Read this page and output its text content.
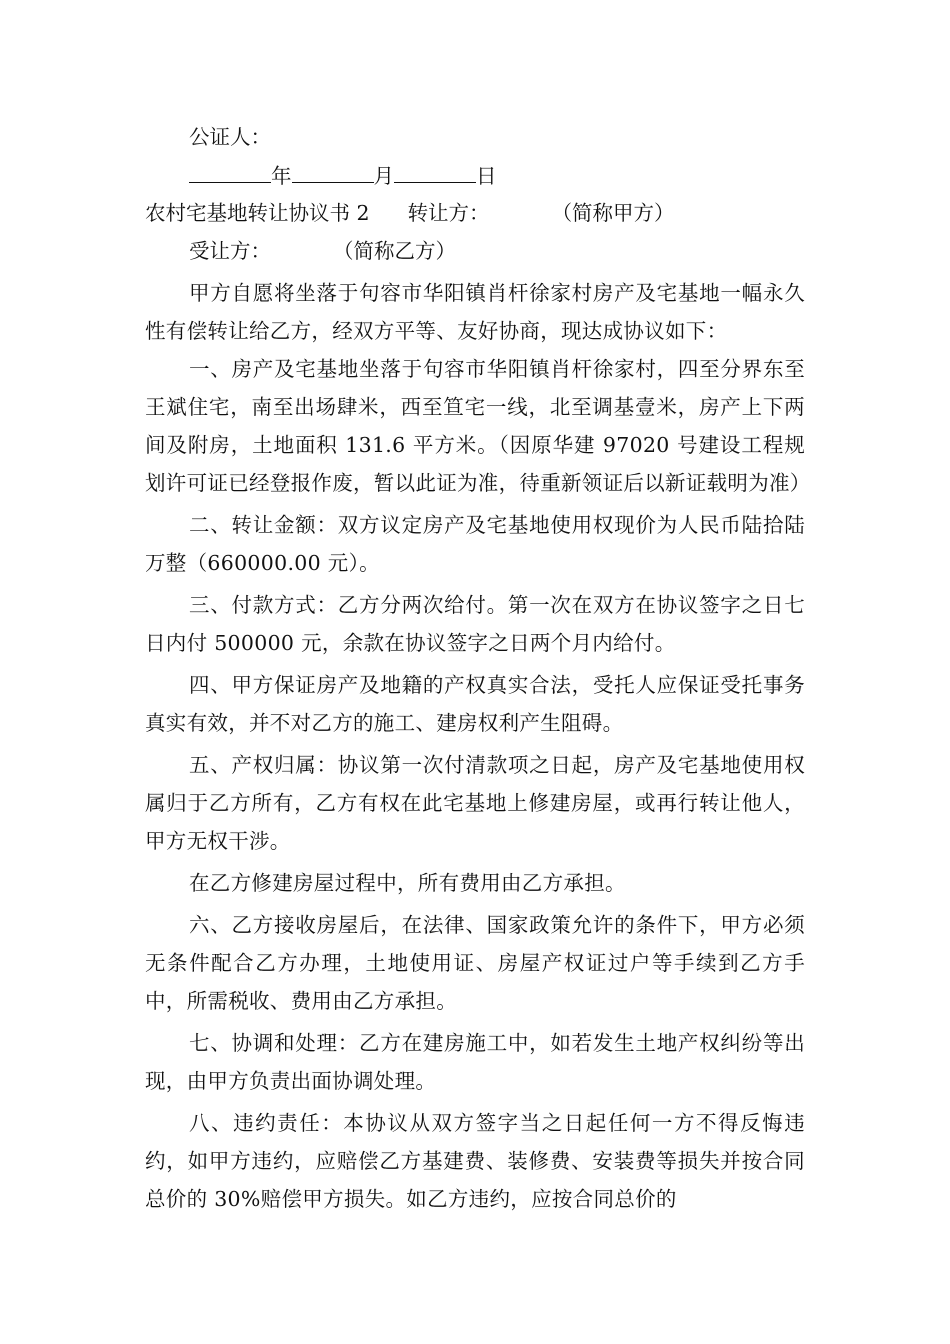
公证人：
年	月	日
农村宅基地转让协议书 2 转让方：	（简称甲方）
受让方：	（简称乙方）

甲方自愿将坐落于句容市华阳镇肖杆徐家村房产及宅基地一幅永久性有偿转让给乙方，经双方平等、友好协商，现达成协议如下：

一、房产及宅基地坐落于句容市华阳镇肖杆徐家村，四至分界东至王斌住宅，南至出场肆米，西至笪宅一线，北至调基壹米，房产上下两间及附房，土地面积 131.6 平方米。（因原华建 97020 号建设工程规划许可证已经登报作废，暂以此证为准，待重新领证后以新证载明为准）

二、转让金额：双方议定房产及宅基地使用权现价为人民币陆拾陆万整（660000.00 元）。

三、付款方式：乙方分两次给付。第一次在双方在协议签字之日七日内付 500000 元，余款在协议签字之日两个月内给付。

四、甲方保证房产及地籍的产权真实合法，受托人应保证受托事务真实有效，并不对乙方的施工、建房权利产生阻碍。

五、产权归属：协议第一次付清款项之日起，房产及宅基地使用权属归于乙方所有，乙方有权在此宅基地上修建房屋，或再行转让他人，甲方无权干涉。

在乙方修建房屋过程中，所有费用由乙方承担。

六、乙方接收房屋后，在法律、国家政策允许的条件下，甲方必须无条件配合乙方办理，土地使用证、房屋产权证过户等手续到乙方手中，所需税收、费用由乙方承担。

七、协调和处理：乙方在建房施工中，如若发生土地产权纠纷等出现，由甲方负责出面协调处理。

八、违约责任：本协议从双方签字当之日起任何一方不得反悔违约，如甲方违约，应赔偿乙方基建费、装修费、安装费等损失并按合同总价的 30%赔偿甲方损失。如乙方违约，应按合同总价的
